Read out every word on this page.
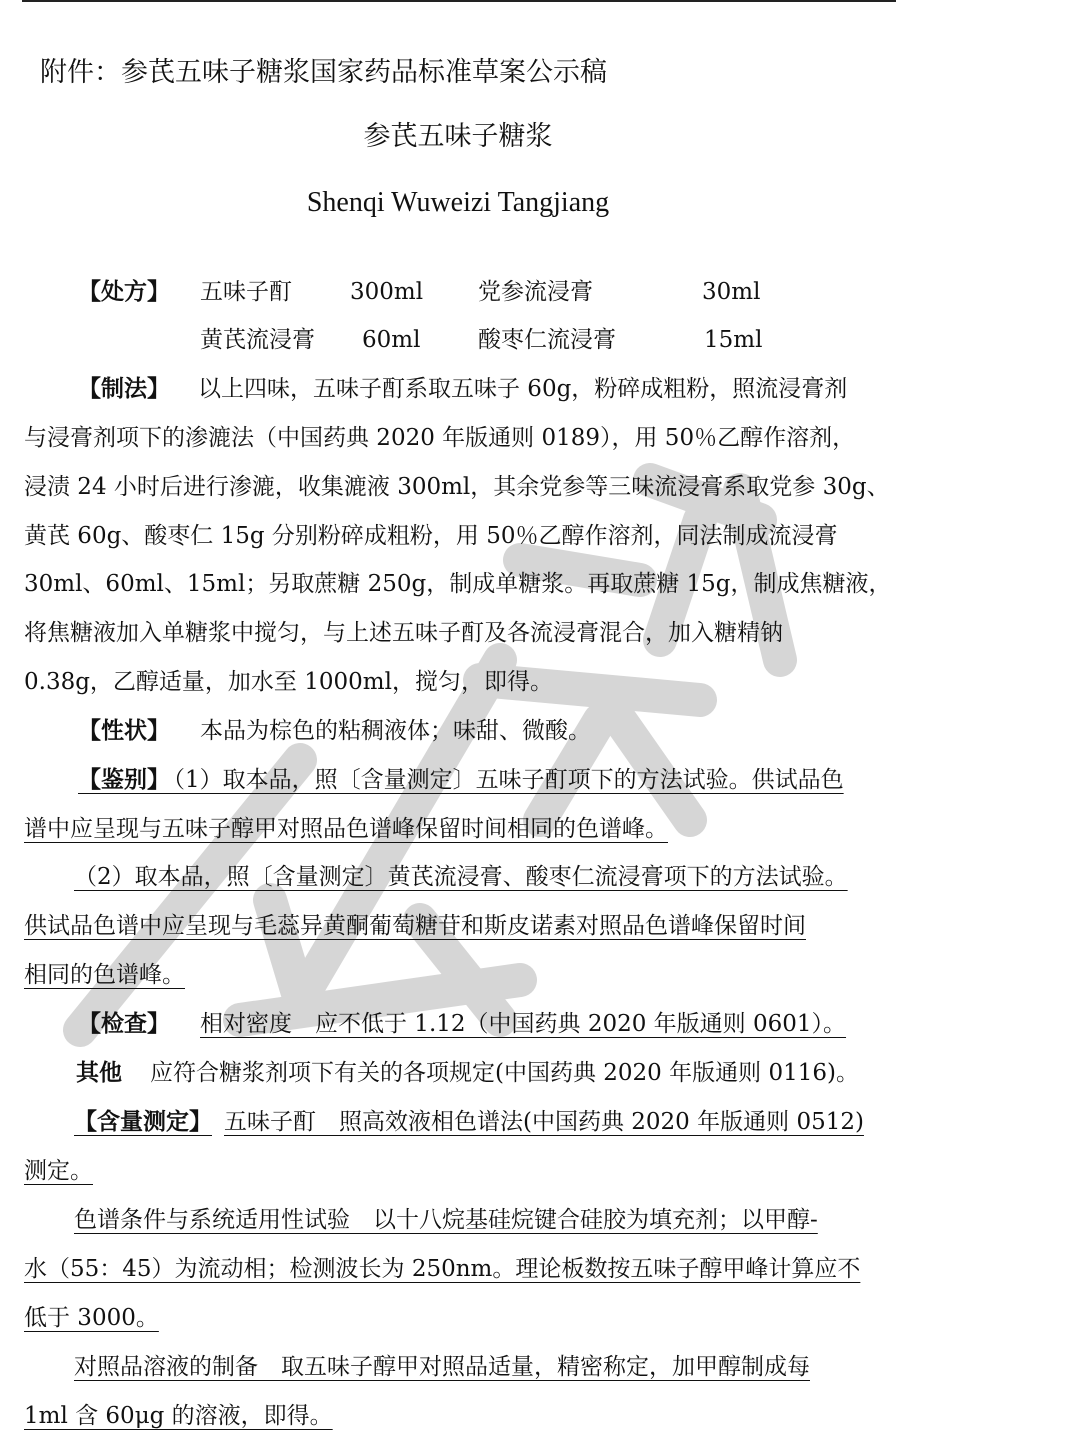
附件：参芪五味子糖浆国家药品标准草案公示稿
参芪五味子糖浆
Shenqi Wuweizi Tangjiang
【处方】 五味子酊	300ml 党参流浸膏	30ml
黄芪流浸膏 60ml	酸枣仁流浸膏	15ml
【制法】 以上四味，五味子酊系取五味子 60g，粉碎成粗粉，照流浸膏剂
与浸膏剂项下的渗漉法（中国药典 2020 年版通则 0189），用 50％乙醇作溶剂，
浸渍 24 小时后进行渗漉，收集漉液 300ml，其余党参等三味流浸膏系取党参 30g、
黄芪 60g、酸枣仁 15g 分别粉碎成粗粉，用 50％乙醇作溶剂，同法制成流浸膏
30ml、60ml、15ml；另取蔗糖 250g，制成单糖浆。再取蔗糖 15g，制成焦糖液，
将焦糖液加入单糖浆中搅匀，与上述五味子酊及各流浸膏混合，加入糖精钠
0.38g，乙醇适量，加水至 1000ml，搅匀，即得。
【性状】 本品为棕色的粘稠液体；味甜、微酸。
【鉴别】
（1）取本品，照〔含量测定〕五味子酊项下的方法试验。供试品色
谱中应呈现与五味子醇甲对照品色谱峰保留时间相同的色谱峰。
（2）取本品，照〔含量测定〕黄芪流浸膏、酸枣仁流浸膏项下的方法试验。
供试品色谱中应呈现与毛蕊异黄酮葡萄糖苷和斯皮诺素对照品色谱峰保留时间
相同的色谱峰。
【检查】 相对密度　应不低于 1.12（中国药典 2020 年版通则 0601）。
其他 应符合糖浆剂项下有关的各项规定(中国药典 2020 年版通则 0116)。
【含量测定】 五味子酊　照高效液相色谱法(中国药典 2020 年版通则 0512)
测定。
色谱条件与系统适用性试验　以十八烷基硅烷键合硅胶为填充剂；以甲醇-
水（55：45）为流动相；检测波长为 250nm。理论板数按五味子醇甲峰计算应不
低于 3000。
对照品溶液的制备　取五味子醇甲对照品适量，精密称定，加甲醇制成每
1ml 含 60μg 的溶液，即得。
